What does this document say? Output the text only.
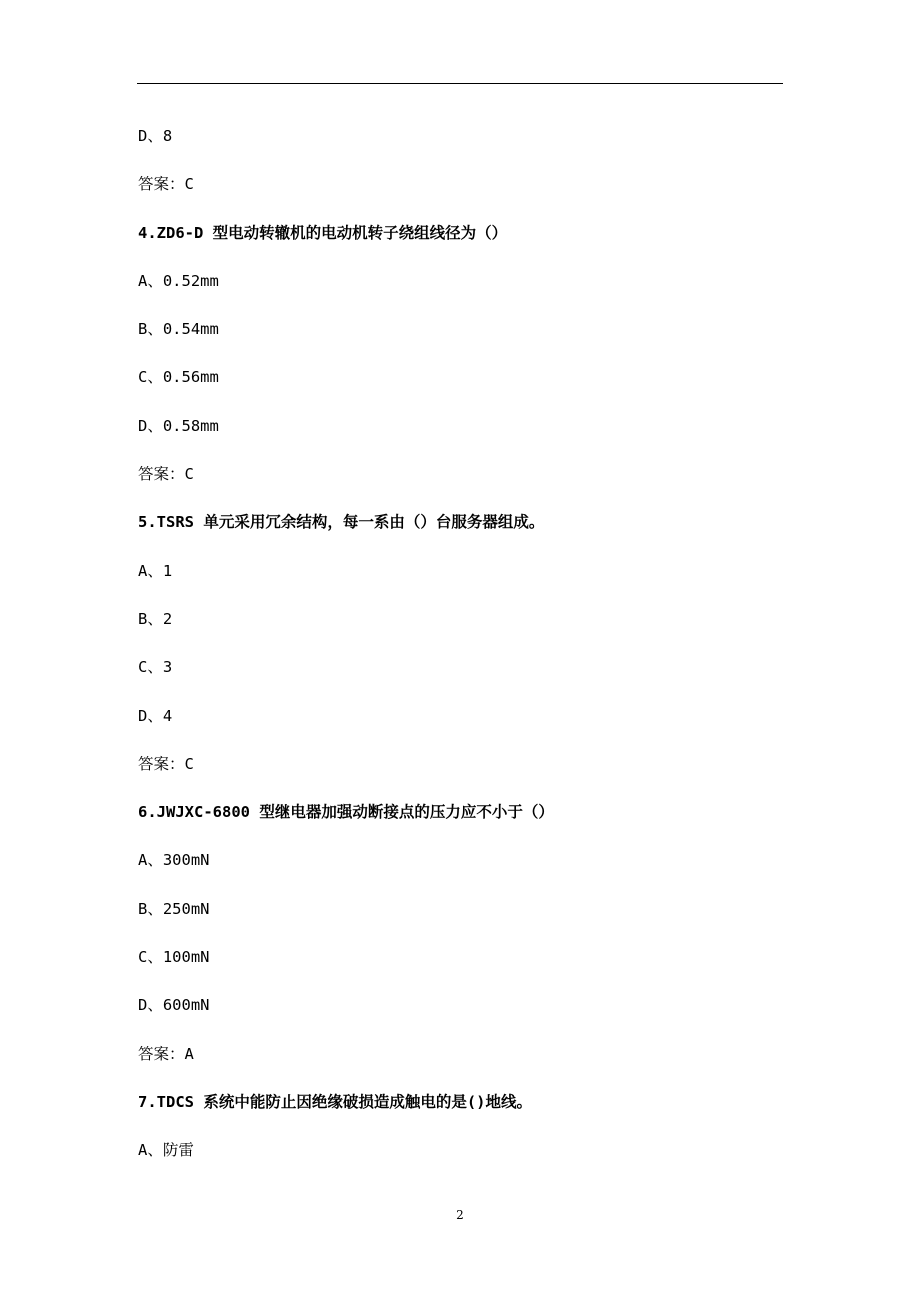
D、8
答案：C
4.ZD6-D 型电动转辙机的电动机转子绕组线径为（）
A、0.52mm
B、0.54mm
C、0.56mm
D、0.58mm
答案：C
5.TSRS 单元采用冗余结构，每一系由（）台服务器组成。
A、1
B、2
C、3
D、4
答案：C
6.JWJXC-6800 型继电器加强动断接点的压力应不小于（）
A、300mN
B、250mN
C、100mN
D、600mN
答案：A
7.TDCS 系统中能防止因绝缘破损造成触电的是()地线。
A、防雷
2
